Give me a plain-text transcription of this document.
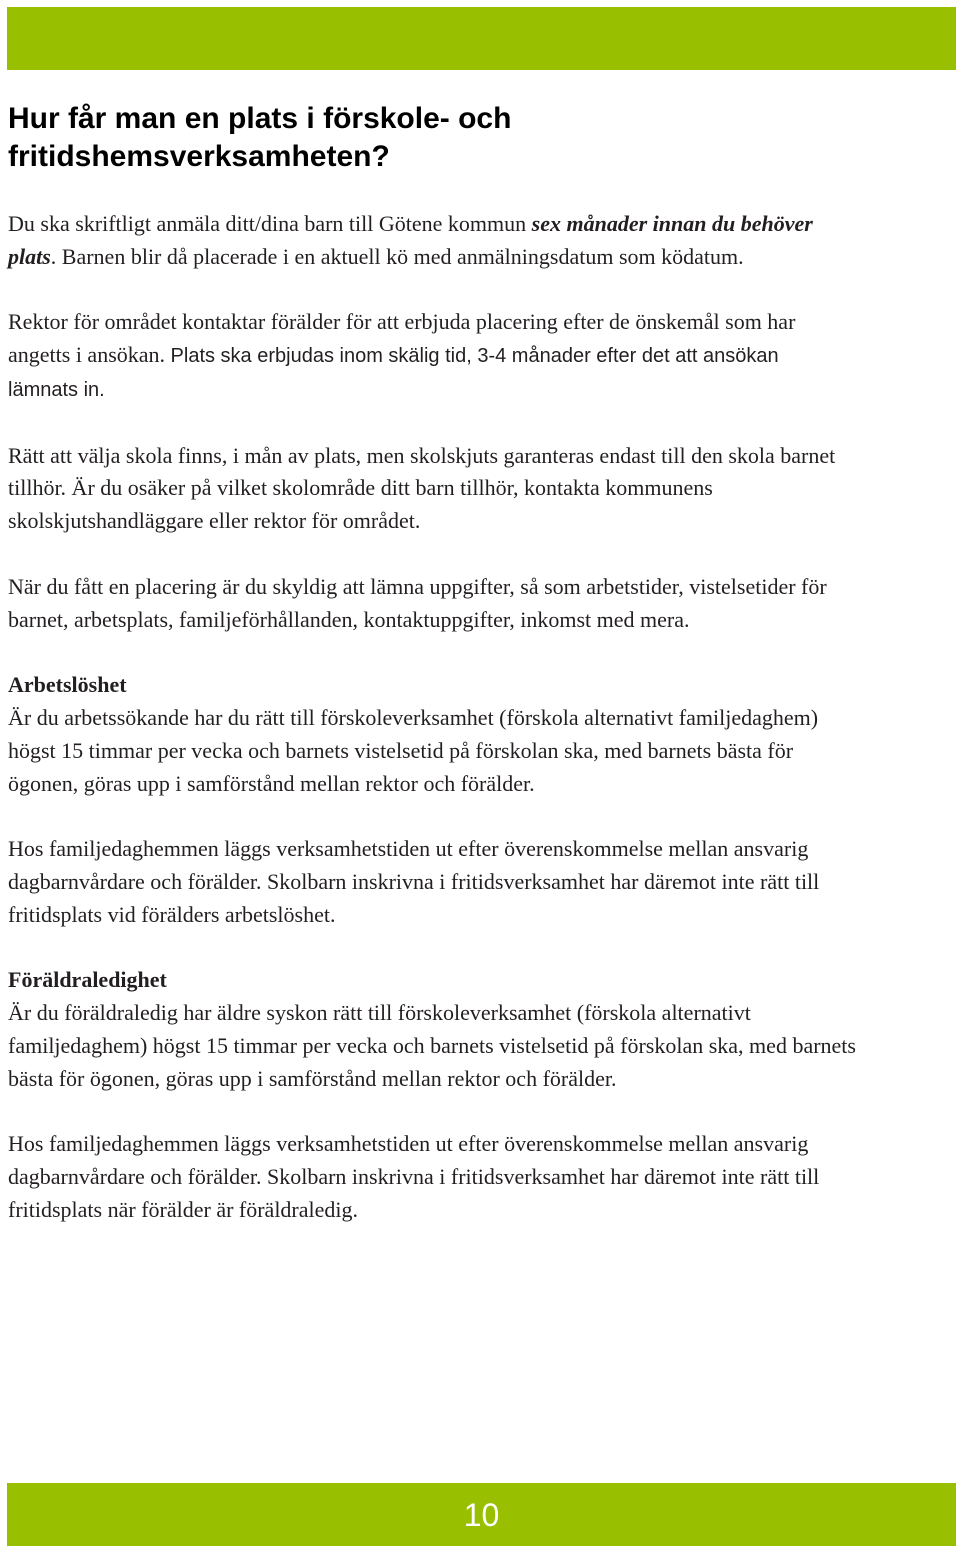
Hur får man en plats i förskole- och
fritidshemsverksamheten?

Du ska skriftligt anmäla ditt/dina barn till Götene kommun sex månader innan du behöver plats. Barnen blir då placerade i en aktuell kö med anmälningsdatum som ködatum.

Rektor för området kontaktar förälder för att erbjuda placering efter de önskemål som har angetts i ansökan. Plats ska erbjudas inom skälig tid, 3-4 månader efter det att ansökan lämnats in.

Rätt att välja skola finns, i mån av plats, men skolskjuts garanteras endast till den skola barnet tillhör. Är du osäker på vilket skolområde ditt barn tillhör, kontakta kommunens skolskjutshandläggare eller rektor för området.

När du fått en placering är du skyldig att lämna uppgifter, så som arbetstider, vistelsetider för barnet, arbetsplats, familjeförhållanden, kontaktuppgifter, inkomst med mera.

Arbetslöshet
Är du arbetssökande har du rätt till förskoleverksamhet (förskola alternativt familjedaghem) högst 15 timmar per vecka och barnets vistelsetid på förskolan ska, med barnets bästa för ögonen, göras upp i samförstånd mellan rektor och förälder.

Hos familjedaghemmen läggs verksamhetstiden ut efter överenskommelse mellan ansvarig dagbarnvårdare och förälder. Skolbarn inskrivna i fritidsverksamhet har däremot inte rätt till fritidsplats vid förälders arbetslöshet.

Föräldraledighet
Är du föräldraledig har äldre syskon rätt till förskoleverksamhet (förskola alternativt familjedaghem) högst 15 timmar per vecka och barnets vistelsetid på förskolan ska, med barnets bästa för ögonen, göras upp i samförstånd mellan rektor och förälder.

Hos familjedaghemmen läggs verksamhetstiden ut efter överenskommelse mellan ansvarig dagbarnvårdare och förälder. Skolbarn inskrivna i fritidsverksamhet har däremot inte rätt till fritidsplats när förälder är föräldraledig.

10
